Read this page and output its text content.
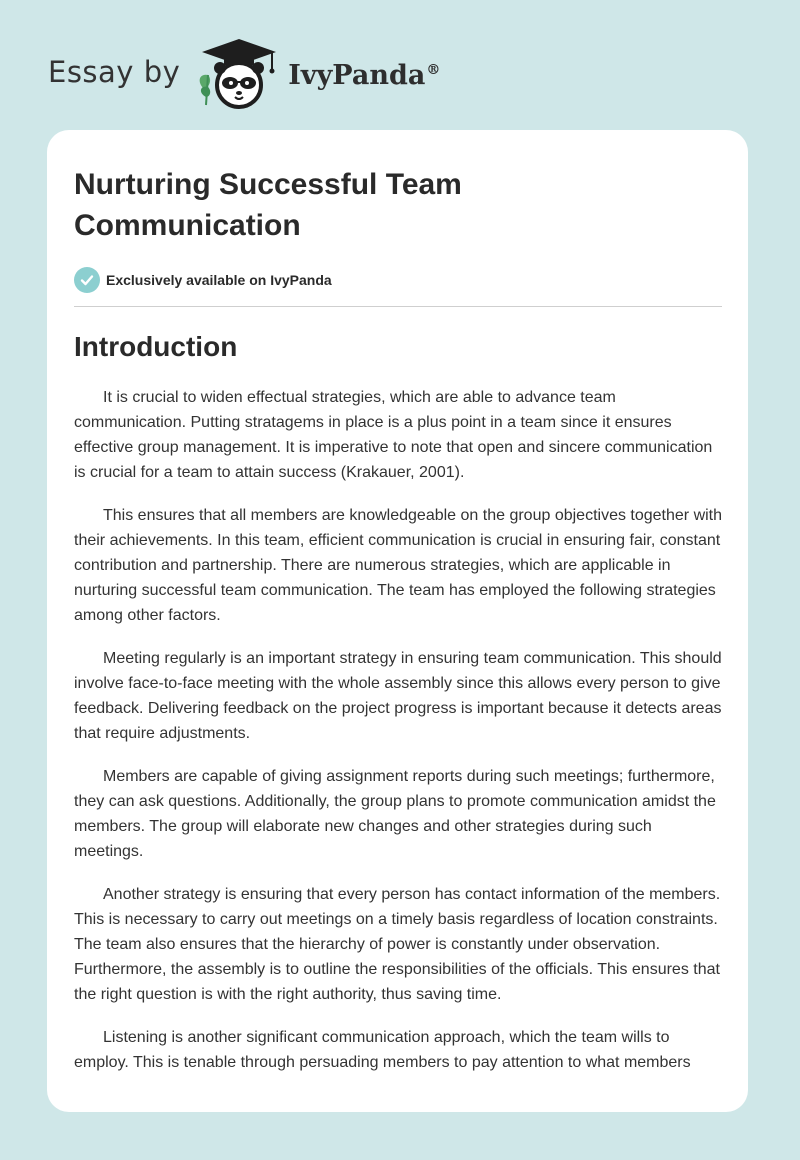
Essay by	IvyPanda®
Nurturing Successful Team Communication
Exclusively available on IvyPanda
Introduction

It is crucial to widen effectual strategies, which are able to advance team communication. Putting stratagems in place is a plus point in a team since it ensures effective group management. It is imperative to note that open and sincere communication is crucial for a team to attain success (Krakauer, 2001).

This ensures that all members are knowledgeable on the group objectives together with their achievements. In this team, efficient communication is crucial in ensuring fair, constant contribution and partnership. There are numerous strategies, which are applicable in nurturing successful team communication. The team has employed the following strategies among other factors.

Meeting regularly is an important strategy in ensuring team communication. This should involve face-to-face meeting with the whole assembly since this allows every person to give feedback. Delivering feedback on the project progress is important because it detects areas that require adjustments.

Members are capable of giving assignment reports during such meetings; furthermore, they can ask questions. Additionally, the group plans to promote communication amidst the members. The group will elaborate new changes and other strategies during such meetings.

Another strategy is ensuring that every person has contact information of the members. This is necessary to carry out meetings on a timely basis regardless of location constraints. The team also ensures that the hierarchy of power is constantly under observation. Furthermore, the assembly is to outline the responsibilities of the officials. This ensures that the right question is with the right authority, thus saving time.

Listening is another significant communication approach, which the team wills to employ. This is tenable through persuading members to pay attention to what members
